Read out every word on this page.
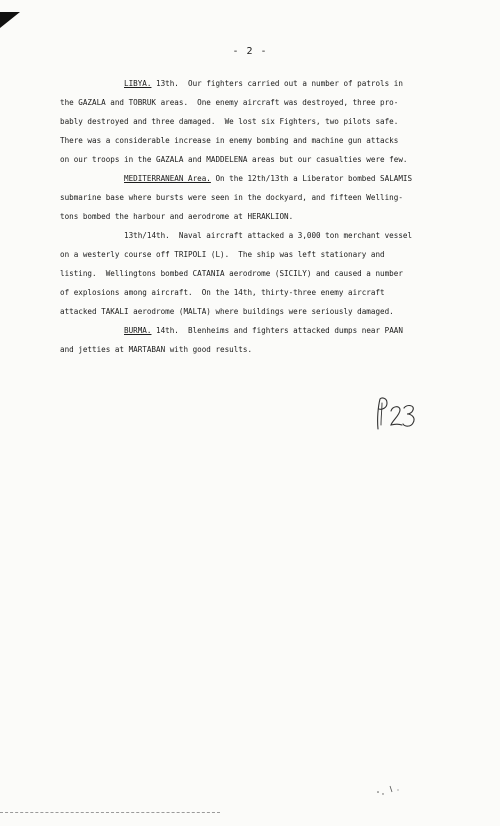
- 2 -

LIBYA. 13th.  Our fighters carried out a number of patrols in

the GAZALA and TOBRUK areas.  One enemy aircraft was destroyed, three pro-

bably destroyed and three damaged.  We lost six Fighters, two pilots safe.

There was a considerable increase in enemy bombing and machine gun attacks

on our troops in the GAZALA and MADDELENA areas but our casualties were few.

MEDITERRANEAN Area. On the 12th/13th a Liberator bombed SALAMIS

submarine base where bursts were seen in the dockyard, and fifteen Welling-

tons bombed the harbour and aerodrome at HERAKLION.

13th/14th.  Naval aircraft attacked a 3,000 ton merchant vessel

on a westerly course off TRIPOLI (L).  The ship was left stationary and

listing.  Wellingtons bombed CATANIA aerodrome (SICILY) and caused a number

of explosions among aircraft.  On the 14th, thirty-three enemy aircraft

attacked TAKALI aerodrome (MALTA) where buildings were seriously damaged.

BURMA. 14th.  Blenheims and fighters attacked dumps near PAAN

and jetties at MARTABAN with good results.
